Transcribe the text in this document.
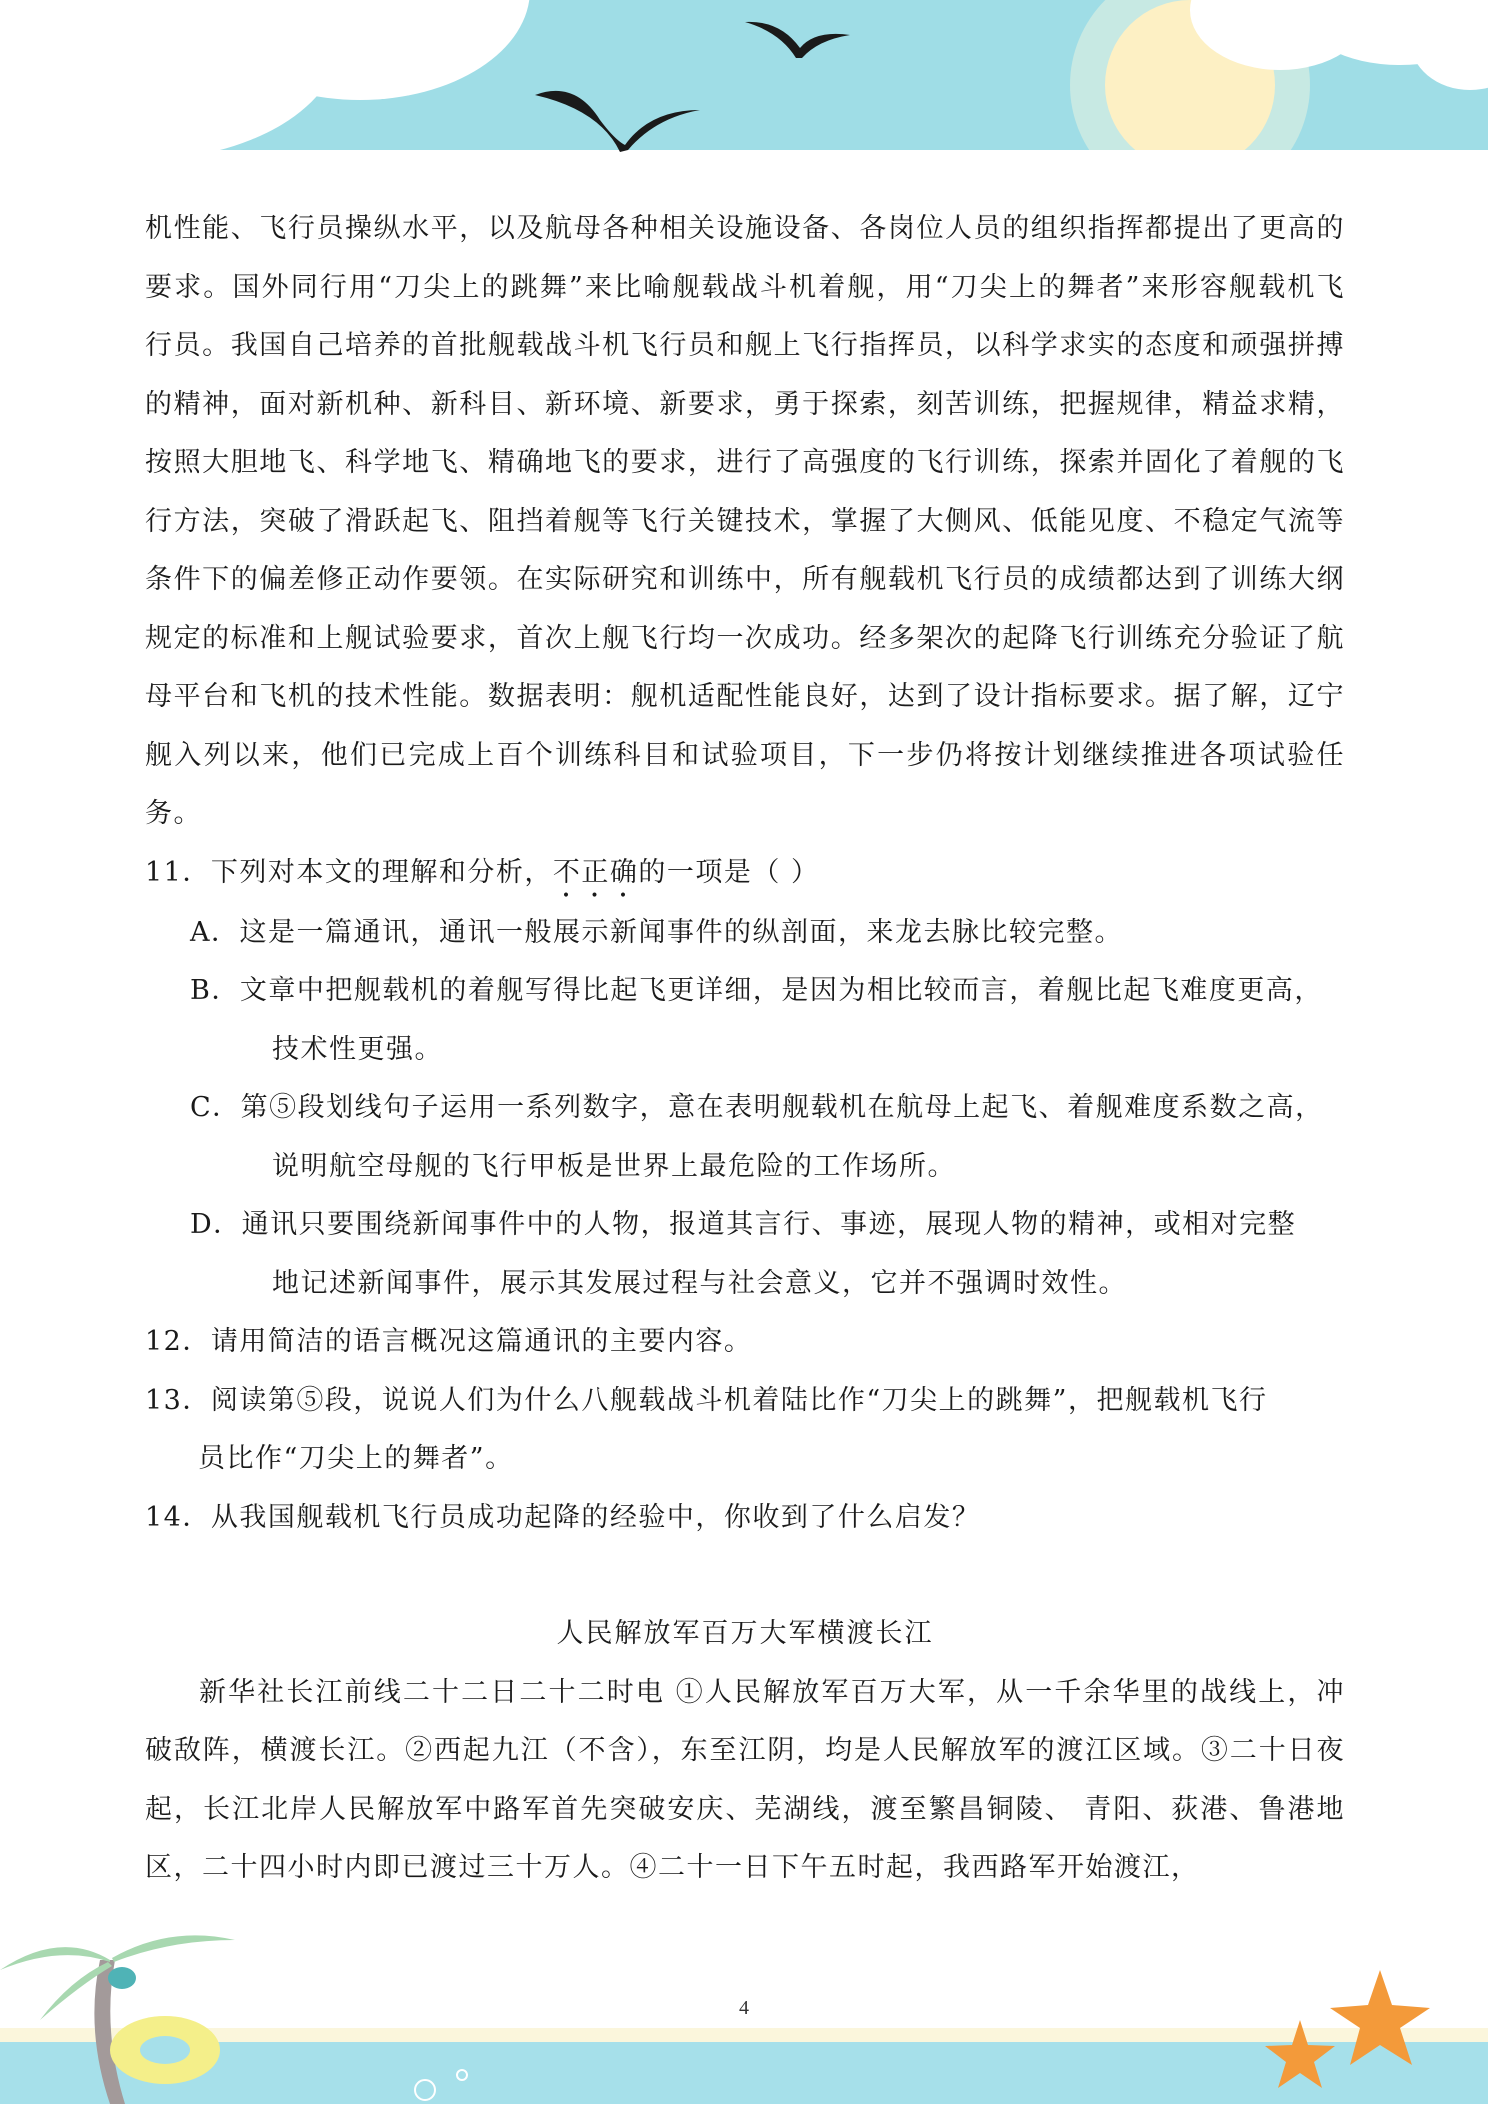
机性能、飞行员操纵水平，以及航母各种相关设施设备、各岗位人员的组织指挥都提出了更高的要求。国外同行用“刀尖上的跳舞”来比喻舰载战斗机着舰，用“刀尖上的舞者”来形容舰载机飞行员。我国自己培养的首批舰载战斗机飞行员和舰上飞行指挥员，以科学求实的态度和顽强拼搏的精神，面对新机种、新科目、新环境、新要求，勇于探索，刻苦训练，把握规律，精益求精，按照大胆地飞、科学地飞、精确地飞的要求，进行了高强度的飞行训练，探索并固化了着舰的飞行方法，突破了滑跃起飞、阻挡着舰等飞行关键技术，掌握了大侧风、低能见度、不稳定气流等条件下的偏差修正动作要领。在实际研究和训练中，所有舰载机飞行员的成绩都达到了训练大纲规定的标准和上舰试验要求，首次上舰飞行均一次成功。经多架次的起降飞行训练充分验证了航母平台和飞机的技术性能。数据表明：舰机适配性能良好，达到了设计指标要求。据了解，辽宁舰入列以来，他们已完成上百个训练科目和试验项目，下一步仍将按计划继续推进各项试验任务。

11．下列对本文的理解和分析，不正确的一项是（ ）

A．这是一篇通讯，通讯一般展示新闻事件的纵剖面，来龙去脉比较完整。

B．文章中把舰载机的着舰写得比起飞更详细，是因为相比较而言，着舰比起飞难度更高，
技术性更强。

C．第⑤段划线句子运用一系列数字，意在表明舰载机在航母上起飞、着舰难度系数之高，
说明航空母舰的飞行甲板是世界上最危险的工作场所。

D．通讯只要围绕新闻事件中的人物，报道其言行、事迹，展现人物的精神，或相对完整
地记述新闻事件，展示其发展过程与社会意义，它并不强调时效性。

12．请用简洁的语言概况这篇通讯的主要内容。

13．阅读第⑤段，说说人们为什么八舰载战斗机着陆比作“刀尖上的跳舞”，把舰载机飞行
员比作“刀尖上的舞者”。

14．从我国舰载机飞行员成功起降的经验中，你收到了什么启发？

人民解放军百万大军横渡长江

新华社长江前线二十二日二十二时电 ①人民解放军百万大军，从一千余华里的战线上，冲破敌阵，横渡长江。②西起九江（不含），东至江阴，均是人民解放军的渡江区域。③二十日夜起，长江北岸人民解放军中路军首先突破安庆、芜湖线，渡至繁昌铜陵、 青阳、荻港、鲁港地区，二十四小时内即已渡过三十万人。④二十一日下午五时起，我西路军开始渡江，

4
